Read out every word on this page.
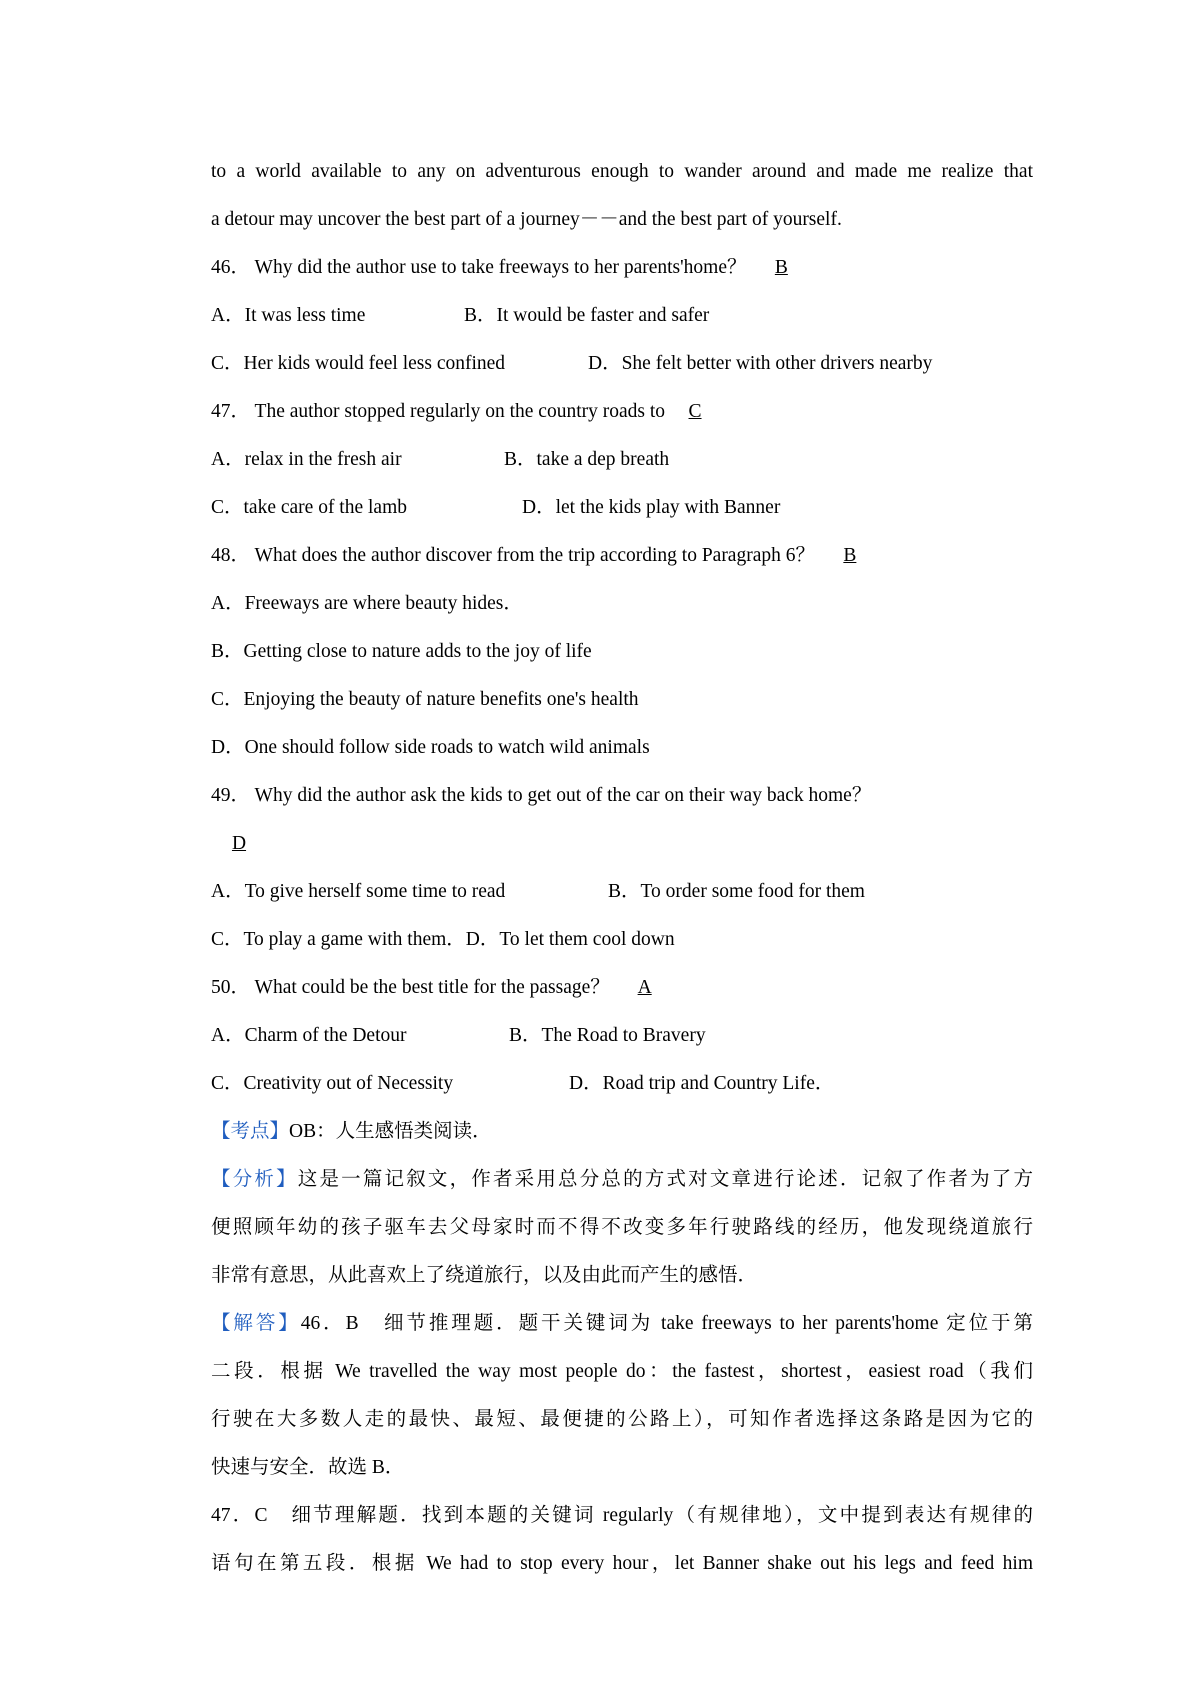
to a world available to any on adventurous enough to wander around and made me realize that
a detour may uncover the best part of a journey－－and the best part of yourself.
46． Why did the author use to take freeways to her parents'home？ B
A．It was less time	B．It would be faster and safer
C．Her kids would feel less confined	D．She felt better with other drivers nearby
47． The author stopped regularly on the country roads to C
A．relax in the fresh air	B．take a dep breath
C．take care of the lamb	D．let the kids play with Banner
48． What does the author discover from the trip according to Paragraph 6？ B
A．Freeways are where beauty hides．
B．Getting close to nature adds to the joy of life
C．Enjoying the beauty of nature benefits one's health
D．One should follow side roads to watch wild animals
49． Why did the author ask the kids to get out of the car on their way back home？
D
A．To give herself some time to read	B．To order some food for them
C．To play a game with them．D．To let them cool down
50． What could be the best title for the passage？ A
A．Charm of the Detour	B．The Road to Bravery
C．Creativity out of Necessity	D．Road trip and Country Life．
【考点】OB：人生感悟类阅读．
【分析】这是一篇记叙文，作者采用总分总的方式对文章进行论述．记叙了作者为了方
便照顾年幼的孩子驱车去父母家时而不得不改变多年行驶路线的经历，他发现绕道旅行
非常有意思，从此喜欢上了绕道旅行，以及由此而产生的感悟．
【解答】46．B　细节推理题．题干关键词为 take freeways to her parents'home 定位于第
二段．根据 We travelled the way most people do：the fastest，shortest，easiest road（我们
行驶在大多数人走的最快、最短、最便捷的公路上），可知作者选择这条路是因为它的
快速与安全．故选 B．
47．C　细节理解题．找到本题的关键词 regularly（有规律地），文中提到表达有规律的
语句在第五段．根据 We had to stop every hour，let Banner shake out his legs and feed him
